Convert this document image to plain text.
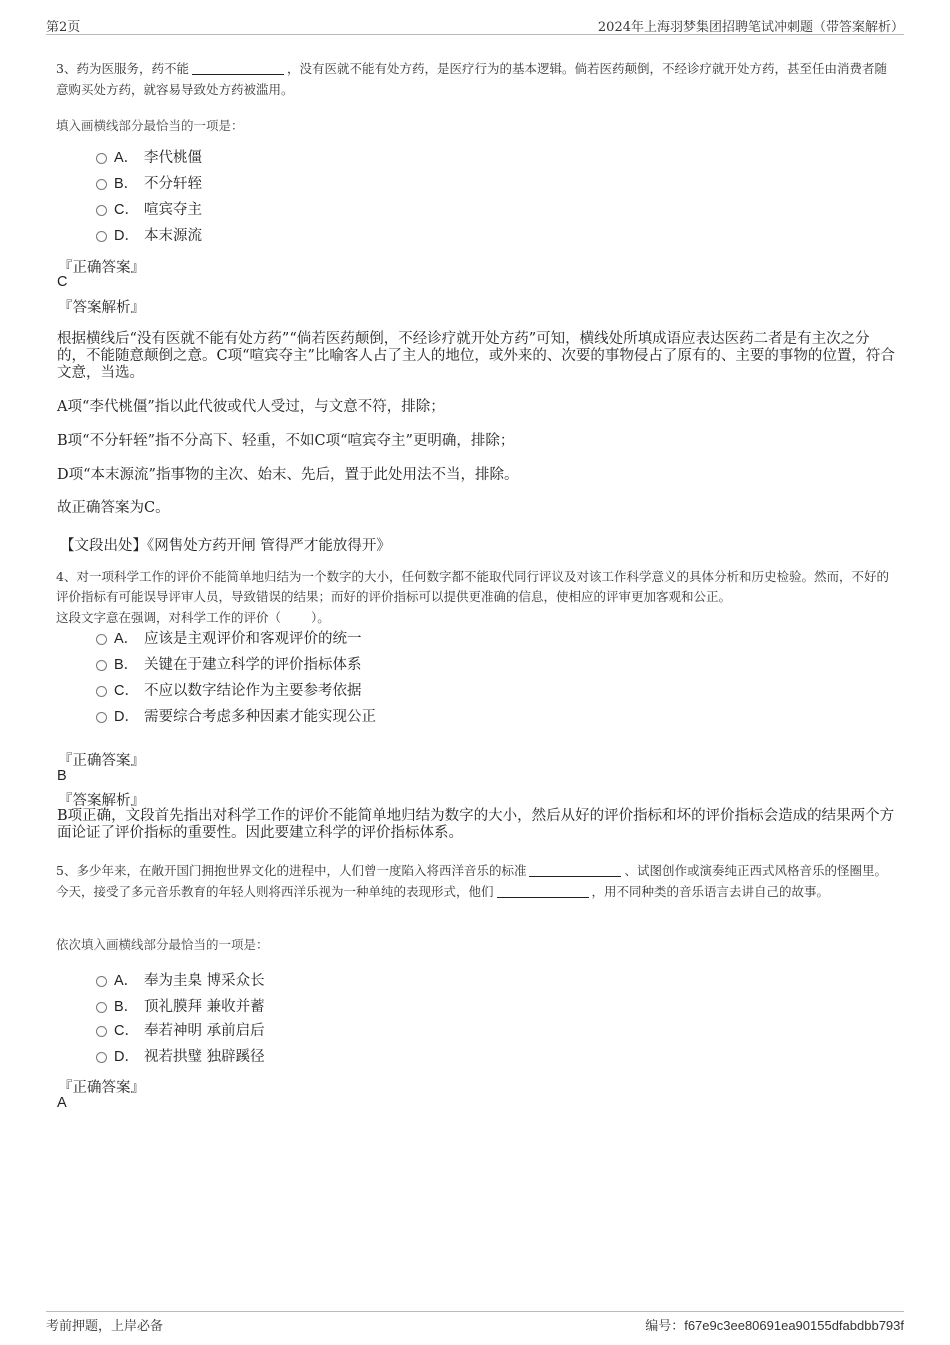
第2页	2024年上海羽梦集团招聘笔试冲刺题（带答案解析）
3、药为医服务，药不能	，没有医就不能有处方药，是医疗行为的基本逻辑。倘若医药颠倒，不经诊疗就开处方药，甚至任由消费者随意购买处方药，就容易导致处方药被滥用。
填入画横线部分最恰当的一项是：
A． 李代桃僵
B． 不分轩轾
C． 喧宾夺主
D． 本末源流
『正确答案』
C
『答案解析』
根据横线后“没有医就不能有处方药”“倘若医药颠倒，不经诊疗就开处方药”可知，横线处所填成语应表达医药二者是有主次之分的，不能随意颠倒之意。C项“喧宾夺主”比喻客人占了主人的地位，或外来的、次要的事物侵占了原有的、主要的事物的位置，符合文意，当选。
A项“李代桃僵”指以此代彼或代人受过，与文意不符，排除；
B项“不分轩轾”指不分高下、轻重，不如C项“喧宾夺主”更明确，排除；
D项“本末源流”指事物的主次、始末、先后，置于此处用法不当，排除。
故正确答案为C。
【文段出处】《网售处方药开闸 管得严才能放得开》
4、对一项科学工作的评价不能简单地归结为一个数字的大小，任何数字都不能取代同行评议及对该工作科学意义的具体分析和历史检验。然而，不好的评价指标有可能误导评审人员，导致错误的结果；而好的评价指标可以提供更准确的信息，使相应的评审更加客观和公正。
这段文字意在强调，对科学工作的评价（ ）。
A． 应该是主观评价和客观评价的统一
B． 关键在于建立科学的评价指标体系
C． 不应以数字结论作为主要参考依据
D． 需要综合考虑多种因素才能实现公正
『正确答案』
B
『答案解析』
B项正确，文段首先指出对科学工作的评价不能简单地归结为数字的大小，然后从好的评价指标和坏的评价指标会造成的结果两个方面论证了评价指标的重要性。因此要建立科学的评价指标体系。
5、多少年来，在敞开国门拥抱世界文化的进程中，人们曾一度陷入将西洋音乐的标准	、试图创作或演奏纯正西式风格音乐的怪圈里。今天，接受了多元音乐教育的年轻人则将西洋乐视为一种单纯的表现形式，他们	，用不同种类的音乐语言去讲自己的故事。
依次填入画横线部分最恰当的一项是：
A． 奉为圭臬 博采众长
B． 顶礼膜拜 兼收并蓄
C． 奉若神明 承前启后
D． 视若拱璧 独辟蹊径
『正确答案』
A
考前押题，上岸必备	编号：f67e9c3ee80691ea90155dfabdbb793f
